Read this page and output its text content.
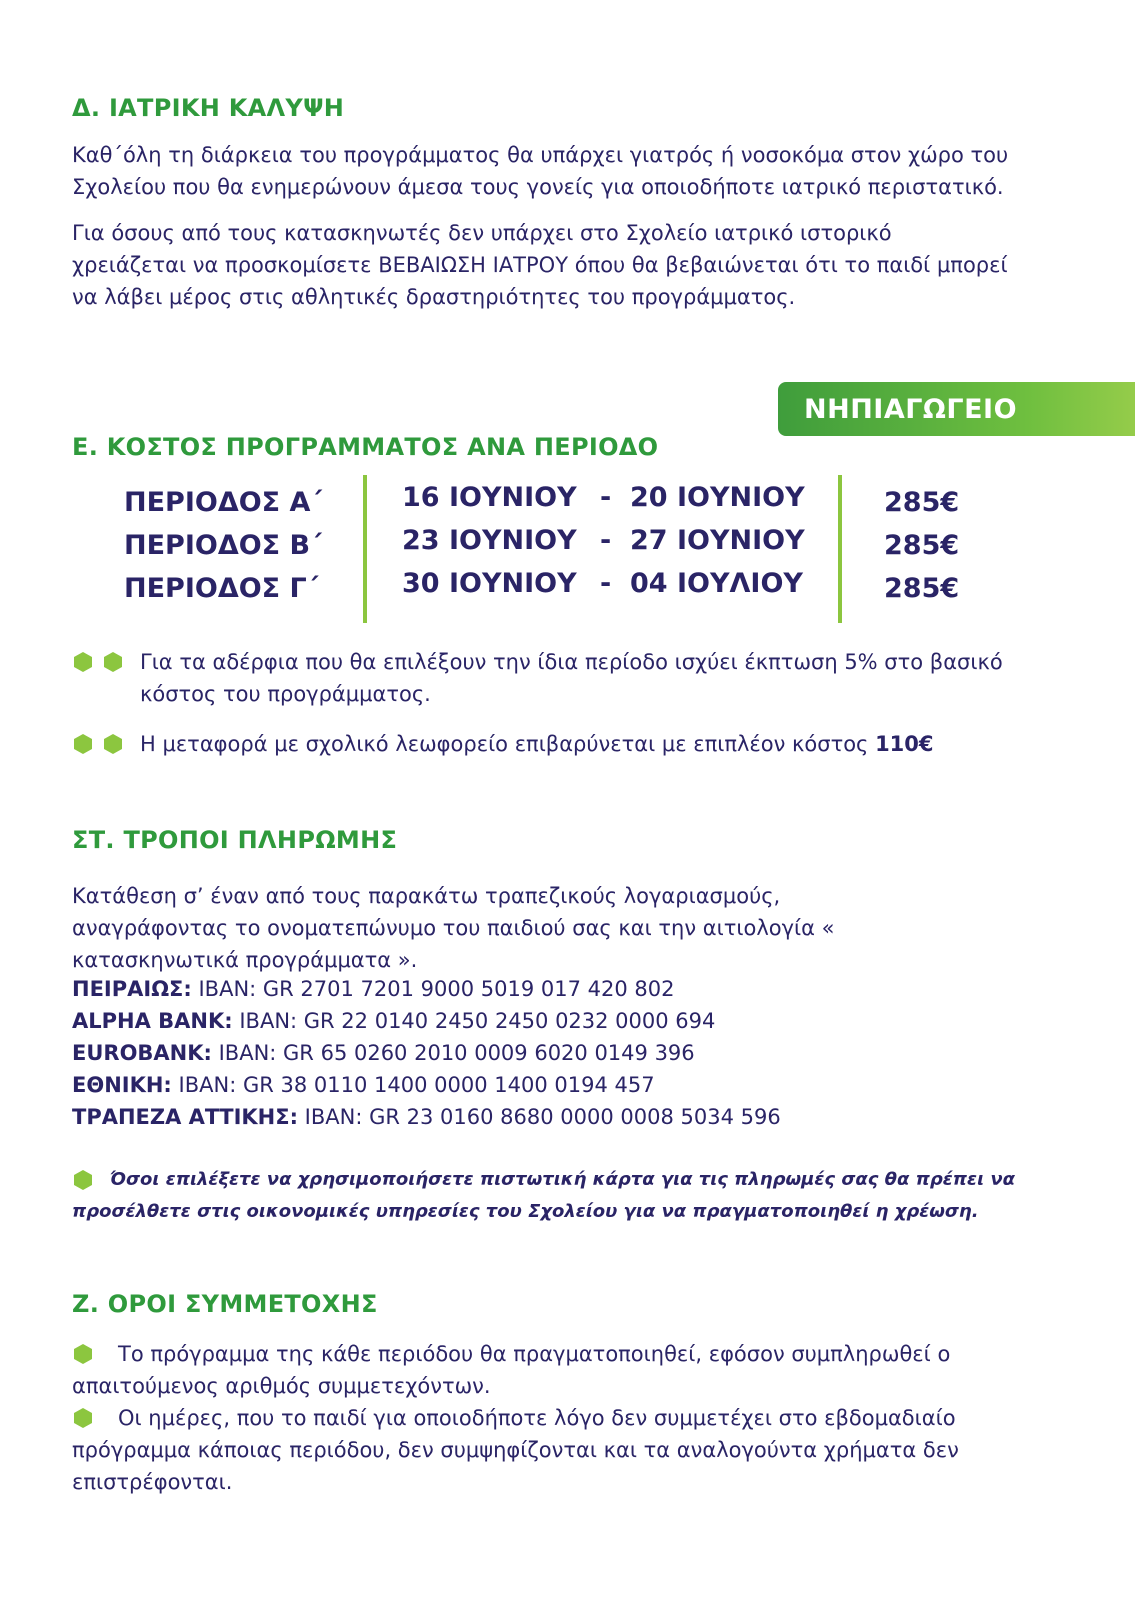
Δ. ΙΑΤΡΙΚΗ ΚΑΛΥΨΗ

Καθ΄όλη τη διάρκεια του προγράμματος θα υπάρχει γιατρός ή νοσοκόμα στον χώρο του Σχολείου που θα ενημερώνουν άμεσα τους γονείς για οποιοδήποτε ιατρικό περιστατικό.

Για όσους από τους κατασκηνωτές δεν υπάρχει στο Σχολείο ιατρικό ιστορικό χρειάζεται να προσκομίσετε ΒΕΒΑΙΩΣΗ ΙΑΤΡΟΥ όπου θα βεβαιώνεται ότι το παιδί μπορεί να λάβει μέρος στις αθλητικές δραστηριότητες του προγράμματος.

ΝΗΠΙΑΓΩΓΕΙΟ
Ε. ΚΟΣΤΟΣ ΠΡΟΓΡΑΜΜΑΤΟΣ ΑΝΑ ΠΕΡΙΟΔΟ
ΠΕΡΙΟΔΟΣ Α΄	16 ΙΟΥΝΙΟΥ - 20 ΙΟΥΝΙΟΥ	285€
ΠΕΡΙΟΔΟΣ Β΄	23 ΙΟΥΝΙΟΥ - 27 ΙΟΥΝΙΟΥ	285€
ΠΕΡΙΟΔΟΣ Γ΄	30 ΙΟΥΝΙΟΥ - 04 ΙΟΥΛΙΟΥ	285€
Για τα αδέρφια που θα επιλέξουν την ίδια περίοδο ισχύει έκπτωση 5% στο βασικό κόστος του προγράμματος.
Η μεταφορά με σχολικό λεωφορείο επιβαρύνεται με επιπλέον κόστος 110€
ΣΤ. ΤΡΟΠΟΙ ΠΛΗΡΩΜΗΣ
Κατάθεση σ’ έναν από τους παρακάτω τραπεζικούς λογαριασμούς, αναγράφοντας το ονοματεπώνυμο του παιδιού σας και την αιτιολογία « κατασκηνωτικά προγράμματα ».
ΠΕΙΡΑΙΩΣ: IBAN: GR 2701 7201 9000 5019 017 420 802
ALPHA BANK: IBAN: GR 22 0140 2450 2450 0232 0000 694
EUROBANK: IBAN: GR 65 0260 2010 0009 6020 0149 396
ΕΘΝΙΚΗ: IBAN: GR 38 0110 1400 0000 1400 0194 457
ΤΡΑΠΕΖΑ ΑΤΤΙΚΗΣ: IBAN: GR 23 0160 8680 0000 0008 5034 596
Όσοι επιλέξετε να χρησιμοποιήσετε πιστωτική κάρτα για τις πληρωμές σας θα πρέπει να προσέλθετε στις οικονομικές υπηρεσίες του Σχολείου για να πραγματοποιηθεί η χρέωση.
Ζ. ΟΡΟΙ ΣΥΜΜΕΤΟΧΗΣ
Το πρόγραμμα της κάθε περιόδου θα πραγματοποιηθεί, εφόσον συμπληρωθεί ο απαιτούμενος αριθμός συμμετεχόντων.
Οι ημέρες, που το παιδί για οποιοδήποτε λόγο δεν συμμετέχει στο εβδομαδιαίο πρόγραμμα κάποιας περιόδου, δεν συμψηφίζονται και τα αναλογούντα χρήματα δεν επιστρέφονται.
